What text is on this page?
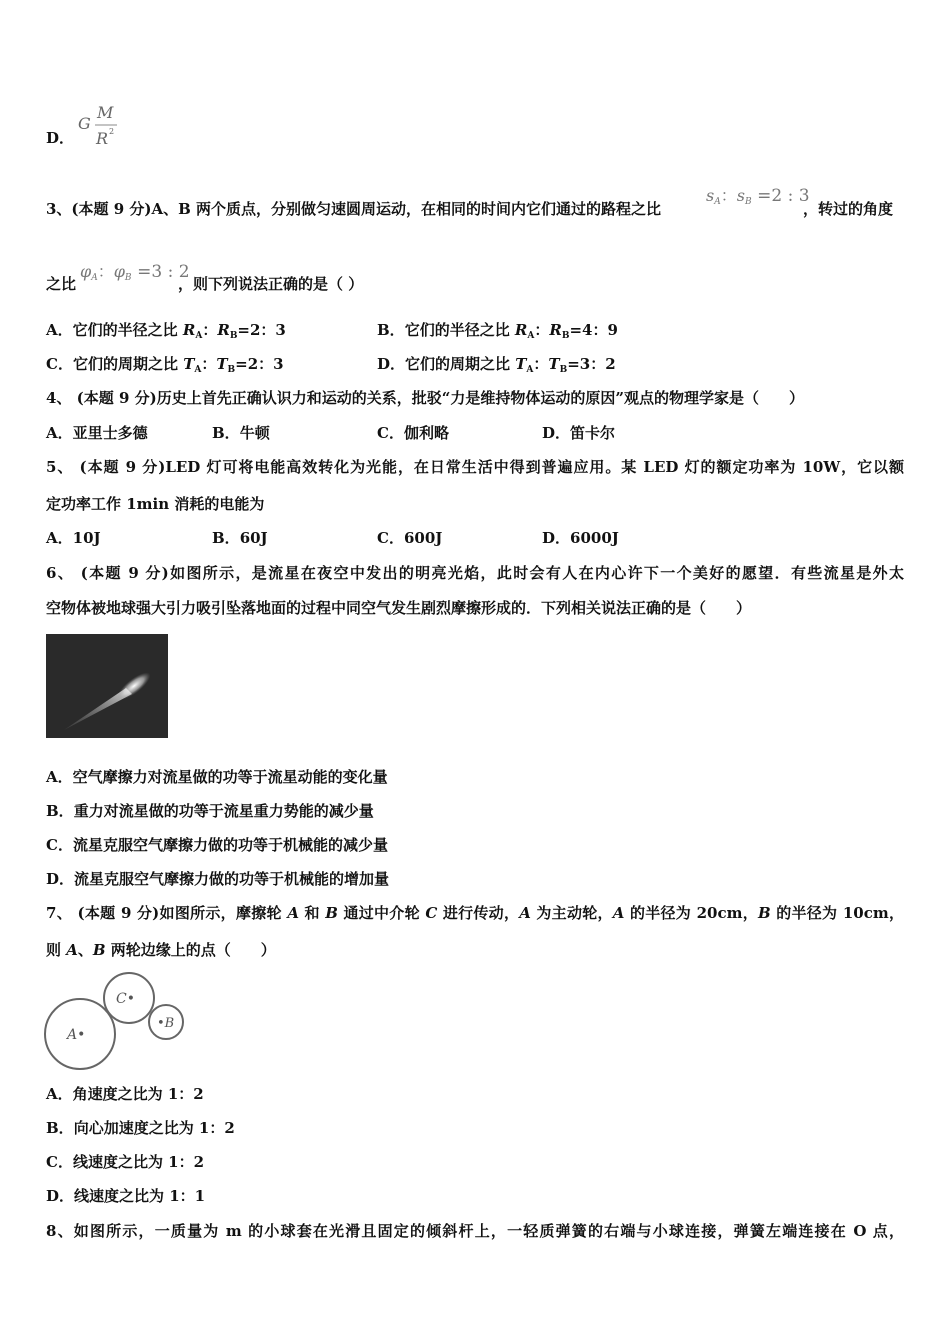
D．
G
M
R 2
3、(本题 9 分)A、B 两个质点，分别做匀速圆周运动，在相同的时间内它们通过的路程之比
$s_A$：$s_B =2$ : 3
，转过的角度
之比
$\varphi_A$：$\varphi_B =3$ : 2
，则下列说法正确的是（ ）
A．它们的半径之比 $R_A$：$R_B=2$：3	B．它们的半径之比 $R_A$：$R_B=4$：9
C．它们的周期之比 $T_A$：$T_B=2$：3	D．它们的周期之比 $T_A$：$T_B=3$：2
4、 (本题 9 分)历史上首先正确认识力和运动的关系，批驳“力是维持物体运动的原因”观点的物理学家是（　　）
A．亚里士多德	B．牛顿	C．伽利略	D．笛卡尔
5、 (本题 9 分)LED 灯可将电能高效转化为光能，在日常生活中得到普遍应用。某 LED 灯的额定功率为 10W，它以额
定功率工作 1min 消耗的电能为
A．10J	B．60J	C．600J	D．6000J
6、 (本题 9 分)如图所示，是流星在夜空中发出的明亮光焰，此时会有人在内心许下一个美好的愿望．有些流星是外太
空物体被地球强大引力吸引坠落地面的过程中同空气发生剧烈摩擦形成的．下列相关说法正确的是（　　）
A．空气摩擦力对流星做的功等于流星动能的变化量
B．重力对流星做的功等于流星重力势能的减少量
C．流星克服空气摩擦力做的功等于机械能的减少量
D．流星克服空气摩擦力做的功等于机械能的增加量
7、 (本题 9 分)如图所示，摩擦轮 A 和 B 通过中介轮 C 进行传动，A 为主动轮，A 的半径为 20cm，B 的半径为 10cm，
则 A、B 两轮边缘上的点（　　）
A•
C•
•B
A．角速度之比为 1：2
B．向心加速度之比为 1：2
C．线速度之比为 1：2
D．线速度之比为 1：1
8、如图所示，一质量为 m 的小球套在光滑且固定的倾斜杆上，一轻质弹簧的右端与小球连接，弹簧左端连接在 O 点，
